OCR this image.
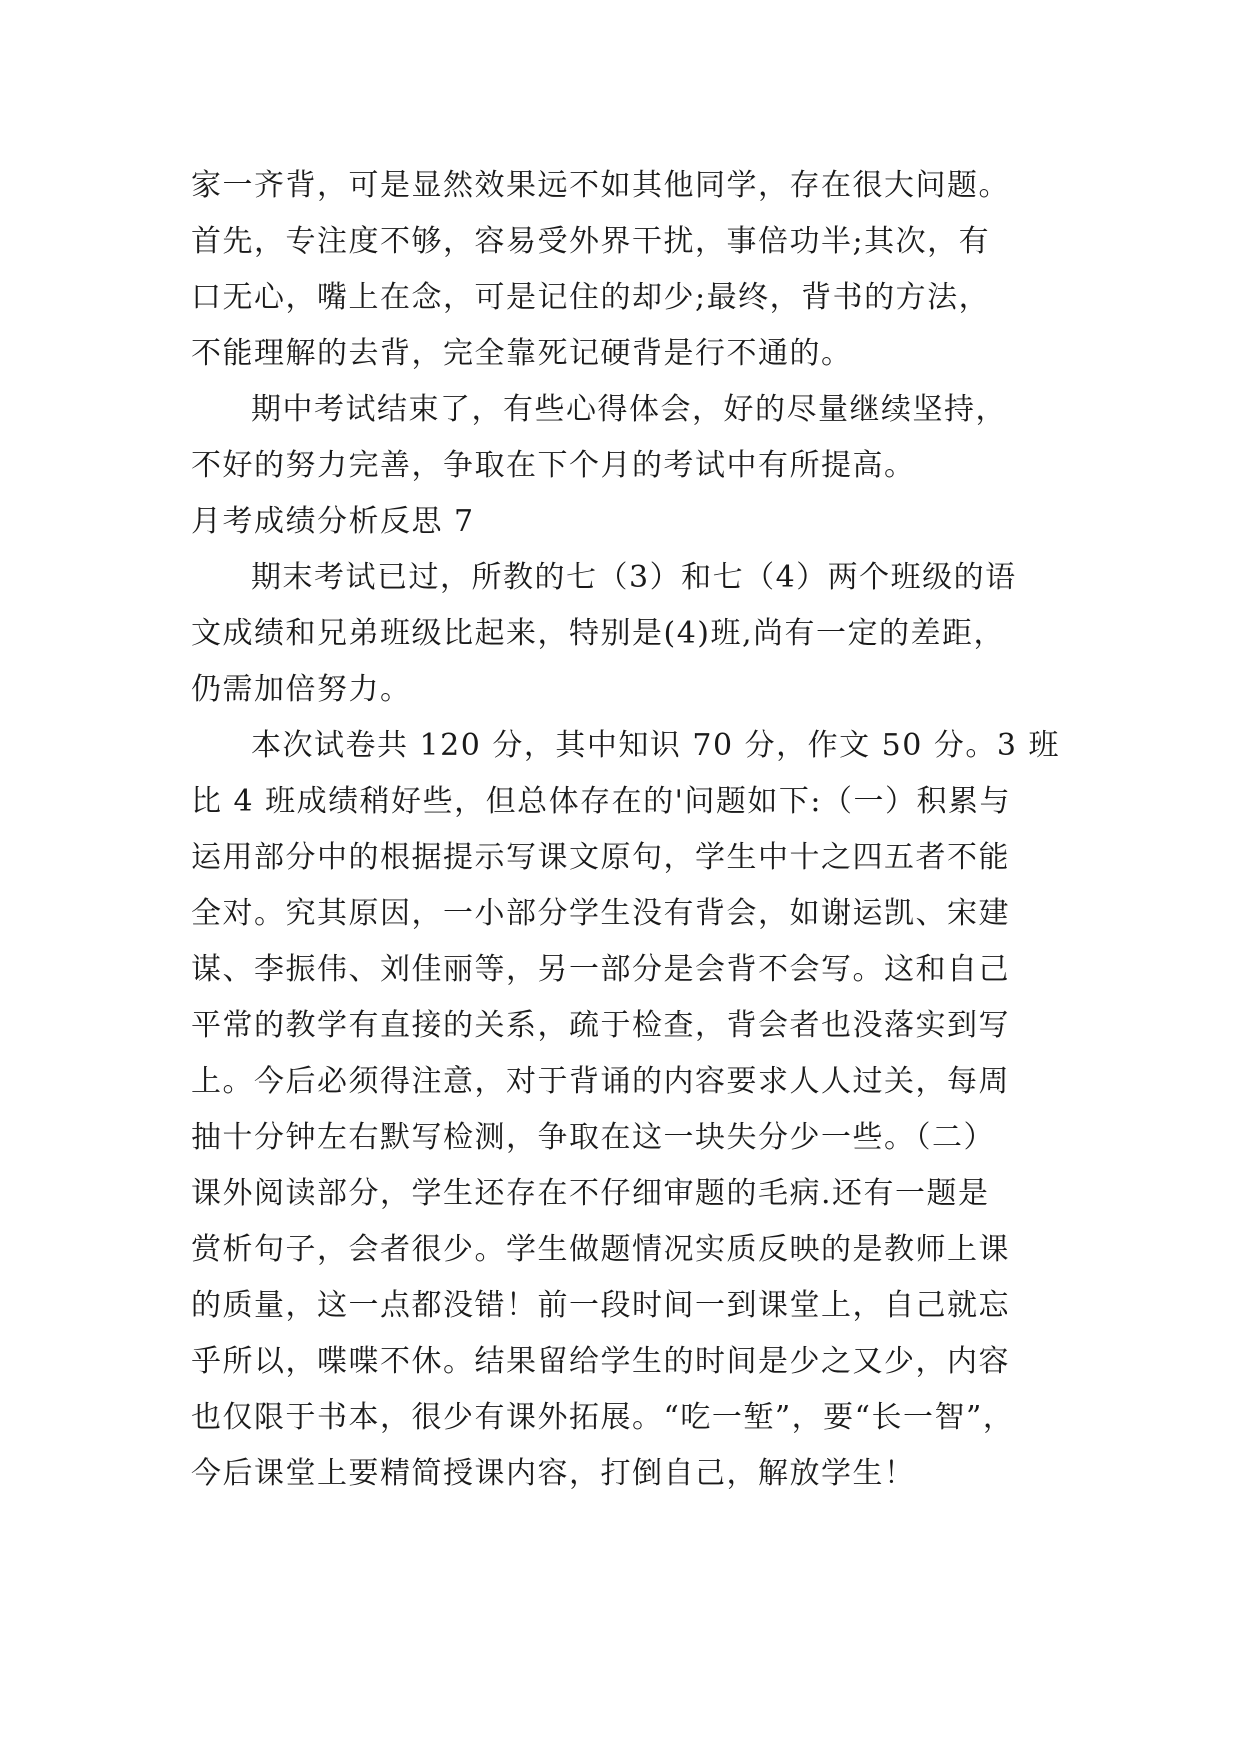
家一齐背，可是显然效果远不如其他同学，存在很大问题。

首先，专注度不够，容易受外界干扰，事倍功半;其次，有

口无心，嘴上在念，可是记住的却少;最终，背书的方法，

不能理解的去背，完全靠死记硬背是行不通的。

期中考试结束了，有些心得体会，好的尽量继续坚持，

不好的努力完善，争取在下个月的考试中有所提高。

月考成绩分析反思 7

期末考试已过，所教的七（3）和七（4）两个班级的语

文成绩和兄弟班级比起来，特别是(4)班,尚有一定的差距，

仍需加倍努力。

本次试卷共 120 分，其中知识 70 分，作文 50 分。3 班

比 4 班成绩稍好些，但总体存在的'问题如下:（一）积累与

运用部分中的根据提示写课文原句，学生中十之四五者不能

全对。究其原因，一小部分学生没有背会，如谢运凯、宋建

谋、李振伟、刘佳丽等，另一部分是会背不会写。这和自己

平常的教学有直接的关系，疏于检查，背会者也没落实到写

上。今后必须得注意，对于背诵的内容要求人人过关，每周

抽十分钟左右默写检测，争取在这一块失分少一些。（二）

课外阅读部分，学生还存在不仔细审题的毛病.还有一题是

赏析句子，会者很少。学生做题情况实质反映的是教师上课

的质量，这一点都没错！前一段时间一到课堂上，自己就忘

乎所以，喋喋不休。结果留给学生的时间是少之又少，内容

也仅限于书本，很少有课外拓展。“吃一堑”，要“长一智”，

今后课堂上要精简授课内容，打倒自己，解放学生！
